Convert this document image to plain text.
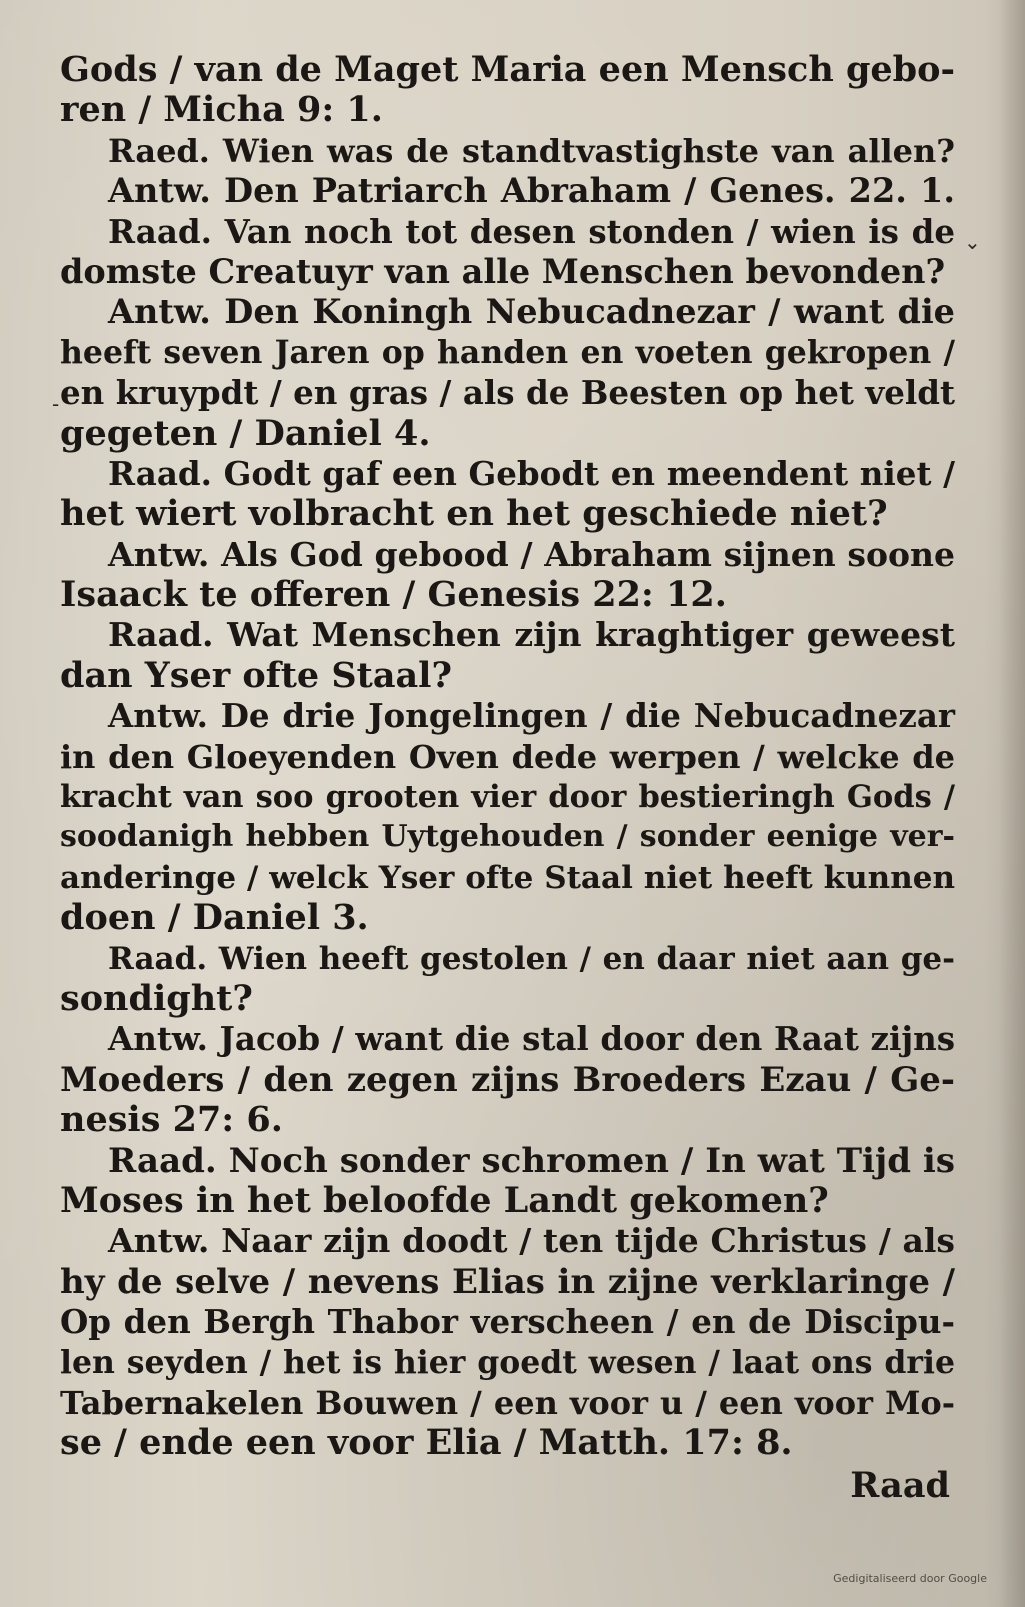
⌄
-
Gods / van de Maget Maria een Mensch gebo-
ren / Micha 9: 1.
Raed. Wien was de standtvastighste van allen?
Antw. Den Patriarch Abraham / Genes. 22. 1.
Raad. Van noch tot desen stonden / wien is de
domste Creatuyr van alle Menschen bevonden?
Antw. Den Koningh Nebucadnezar / want die
heeft seven Jaren op handen en voeten gekropen /
en kruypdt / en gras / als de Beesten op het veldt
gegeten / Daniel 4.
Raad. Godt gaf een Gebodt en meendent niet /
het wiert volbracht en het geschiede niet?
Antw. Als God gebood / Abraham sijnen soone
Isaack te offeren / Genesis 22: 12.
Raad. Wat Menschen zijn kraghtiger geweest
dan Yser ofte Staal?
Antw. De drie Jongelingen / die Nebucadnezar
in den Gloeyenden Oven dede werpen / welcke de
kracht van soo grooten vier door bestieringh Gods /
soodanigh hebben Uytgehouden / sonder eenige ver-
anderinge / welck Yser ofte Staal niet heeft kunnen
doen / Daniel 3.
Raad. Wien heeft gestolen / en daar niet aan ge-
sondight?
Antw. Jacob / want die stal door den Raat zijns
Moeders / den zegen zijns Broeders Ezau / Ge-
nesis 27: 6.
Raad. Noch sonder schromen / In wat Tijd is
Moses in het beloofde Landt gekomen?
Antw. Naar zijn doodt / ten tijde Christus / als
hy de selve / nevens Elias in zijne verklaringe /
Op den Bergh Thabor verscheen / en de Discipu-
len seyden / het is hier goedt wesen / laat ons drie
Tabernakelen Bouwen / een voor u / een voor Mo-
se / ende een voor Elia / Matth. 17: 8.
Raad
Gedigitaliseerd door Google
